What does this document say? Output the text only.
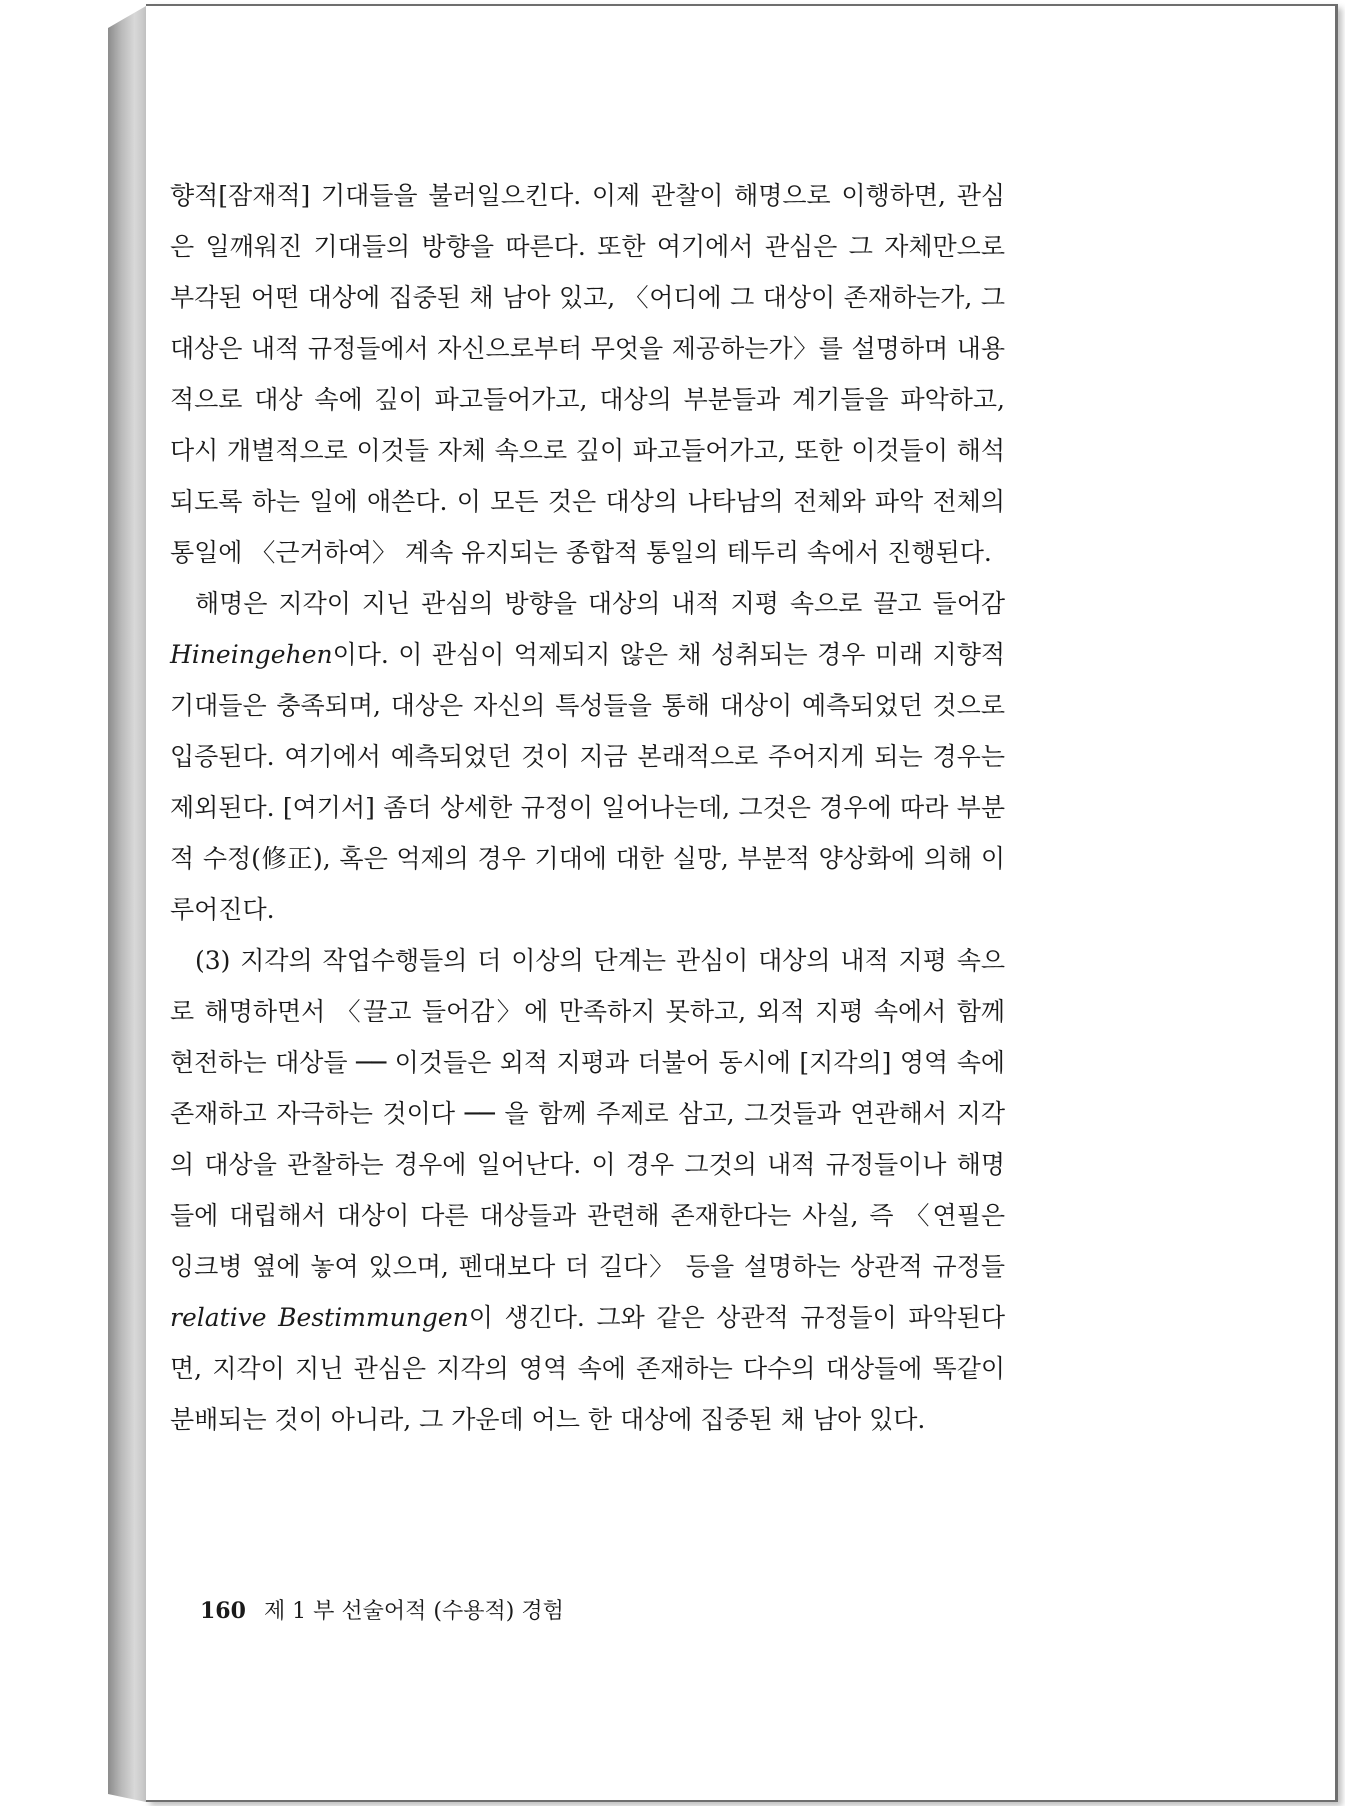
향적[잠재적] 기대들을 불러일으킨다. 이제 관찰이 해명으로 이행하면, 관심은 일깨워진 기대들의 방향을 따른다. 또한 여기에서 관심은 그 자체만으로 부각된 어떤 대상에 집중된 채 남아 있고, 〈어디에 그 대상이 존재하는가, 그 대상은 내적 규정들에서 자신으로부터 무엇을 제공하는가〉를 설명하며 내용적으로 대상 속에 깊이 파고들어가고, 대상의 부분들과 계기들을 파악하고, 다시 개별적으로 이것들 자체 속으로 깊이 파고들어가고, 또한 이것들이 해석되도록 하는 일에 애쓴다. 이 모든 것은 대상의 나타남의 전체와 파악 전체의 통일에 〈근거하여〉 계속 유지되는 종합적 통일의 테두리 속에서 진행된다.

해명은 지각이 지닌 관심의 방향을 대상의 내적 지평 속으로 끌고 들어감 Hineingehen이다. 이 관심이 억제되지 않은 채 성취되는 경우 미래 지향적 기대들은 충족되며, 대상은 자신의 특성들을 통해 대상이 예측되었던 것으로 입증된다. 여기에서 예측되었던 것이 지금 본래적으로 주어지게 되는 경우는 제외된다. [여기서] 좀더 상세한 규정이 일어나는데, 그것은 경우에 따라 부분적 수정(修正), 혹은 억제의 경우 기대에 대한 실망, 부분적 양상화에 의해 이루어진다.

(3) 지각의 작업수행들의 더 이상의 단계는 관심이 대상의 내적 지평 속으로 해명하면서 〈끌고 들어감〉에 만족하지 못하고, 외적 지평 속에서 함께 현전하는 대상들 ── 이것들은 외적 지평과 더불어 동시에 [지각의] 영역 속에 존재하고 자극하는 것이다 ── 을 함께 주제로 삼고, 그것들과 연관해서 지각의 대상을 관찰하는 경우에 일어난다. 이 경우 그것의 내적 규정들이나 해명들에 대립해서 대상이 다른 대상들과 관련해 존재한다는 사실, 즉 〈연필은 잉크병 옆에 놓여 있으며, 펜대보다 더 길다〉 등을 설명하는 상관적 규정들 relative Bestimmungen이 생긴다. 그와 같은 상관적 규정들이 파악된다면, 지각이 지닌 관심은 지각의 영역 속에 존재하는 다수의 대상들에 똑같이 분배되는 것이 아니라, 그 가운데 어느 한 대상에 집중된 채 남아 있다.

160 제 1 부 선술어적 (수용적) 경험
